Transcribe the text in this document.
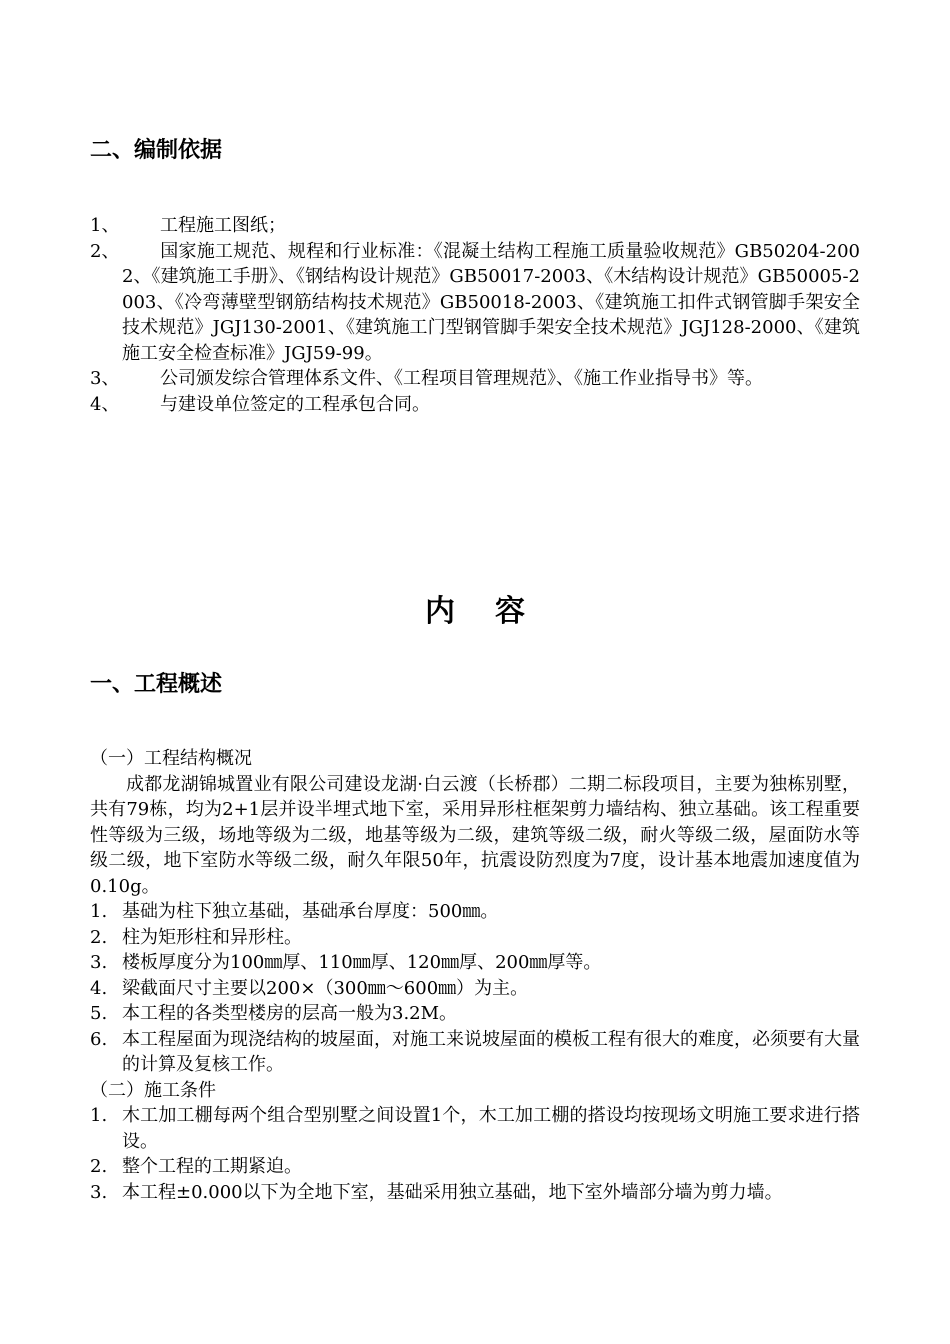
二、编制依据
1、 工程施工图纸；
2、 国家施工规范、规程和行业标准：《混凝土结构工程施工质量验收规范》GB50204-2002、《建筑施工手册》、《钢结构设计规范》GB50017-2003、《木结构设计规范》GB50005-2003、《冷弯薄壁型钢筋结构技术规范》GB50018-2003、《建筑施工扣件式钢管脚手架安全技术规范》JGJ130-2001、《建筑施工门型钢管脚手架安全技术规范》JGJ128-2000、《建筑施工安全检查标准》JGJ59-99。
3、 公司颁发综合管理体系文件、《工程项目管理规范》、《施工作业指导书》等。
4、 与建设单位签定的工程承包合同。
内容
一、工程概述
（一）工程结构概况
成都龙湖锦城置业有限公司建设龙湖·白云渡（长桥郡）二期二标段项目，主要为独栋别墅，共有79栋，均为2+1层并设半埋式地下室，采用异形柱框架剪力墙结构、独立基础。该工程重要性等级为三级，场地等级为二级，地基等级为二级，建筑等级二级，耐火等级二级，屋面防水等级二级，地下室防水等级二级，耐久年限50年，抗震设防烈度为7度，设计基本地震加速度值为0.10g。
1. 基础为柱下独立基础，基础承台厚度：500㎜。
2. 柱为矩形柱和异形柱。
3. 楼板厚度分为100㎜厚、110㎜厚、120㎜厚、200㎜厚等。
4. 梁截面尺寸主要以200×（300㎜～600㎜）为主。
5. 本工程的各类型楼房的层高一般为3.2M。
6. 本工程屋面为现浇结构的坡屋面，对施工来说坡屋面的模板工程有很大的难度，必须要有大量的计算及复核工作。
（二）施工条件
1. 木工加工棚每两个组合型别墅之间设置1个，木工加工棚的搭设均按现场文明施工要求进行搭设。
2. 整个工程的工期紧迫。
3. 本工程±0.000以下为全地下室，基础采用独立基础，地下室外墙部分墙为剪力墙。
